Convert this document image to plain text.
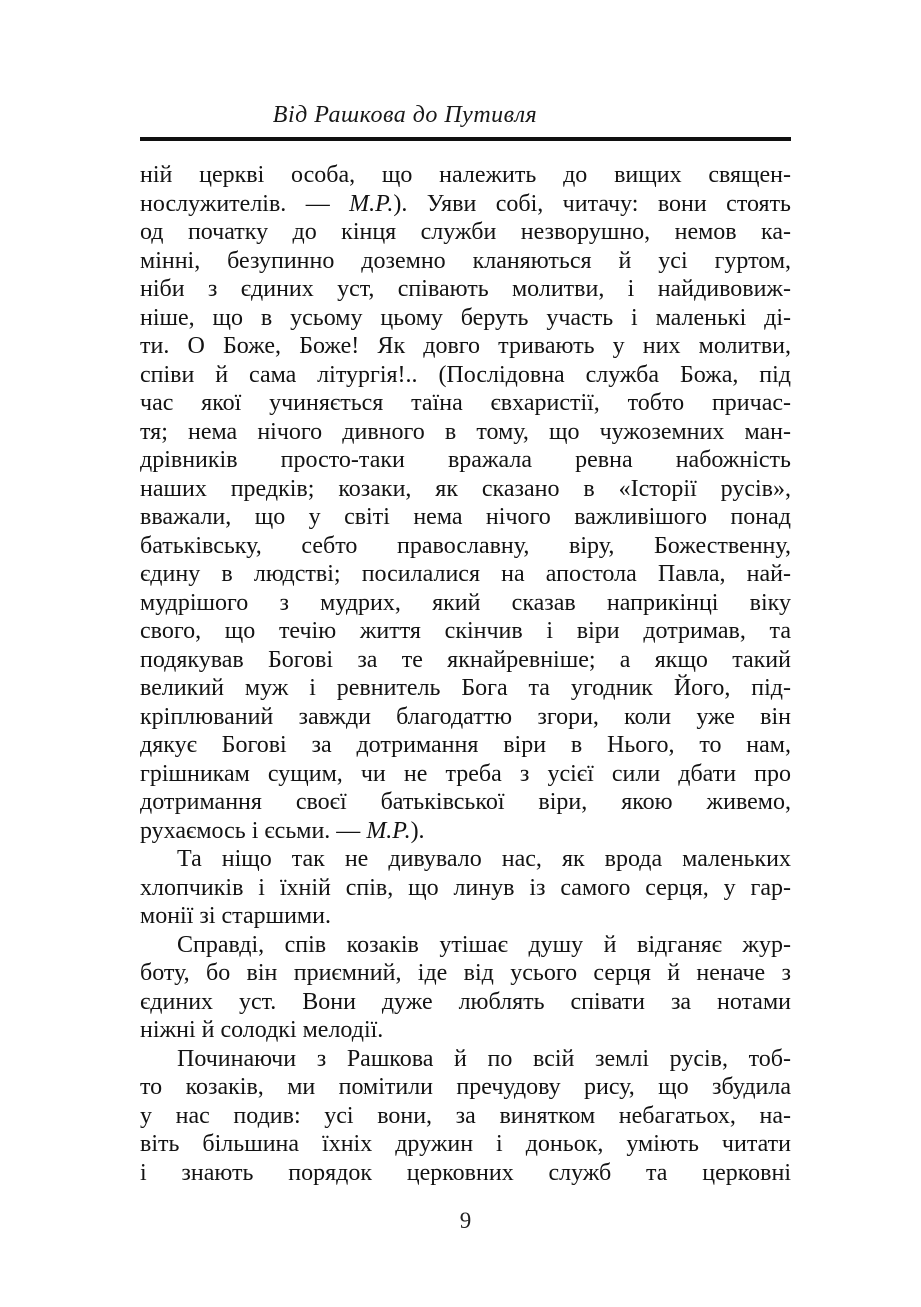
Від Рашкова до Путивля
ній церкві особа, що належить до вищих священ-
нослужителів. — М.Р.). Уяви собі, читачу: вони стоять
од початку до кінця служби незворушно, немов ка-
мінні, безупинно доземно кланяються й усі гуртом,
ніби з єдиних уст, співають молитви, і найдивовиж-
ніше, що в усьому цьому беруть участь і маленькі ді-
ти. О Боже, Боже! Як довго тривають у них молитви,
співи й сама літургія!.. (Послідовна служба Божа, під
час якої учиняється таїна євхаристії, тобто причас-
тя; нема нічого дивного в тому, що чужоземних ман-
дрівників просто-таки вражала ревна набожність
наших предків; козаки, як сказано в «Історії русів»,
вважали, що у світі нема нічого важливішого понад
батьківську, себто православну, віру, Божественну,
єдину в людстві; посилалися на апостола Павла, най-
мудрішого з мудрих, який сказав наприкінці віку
свого, що течію життя скінчив і віри дотримав, та
подякував Богові за те якнайревніше; а якщо такий
великий муж і ревнитель Бога та угодник Його, під-
кріплюваний завжди благодаттю згори, коли уже він
дякує Богові за дотримання віри в Нього, то нам,
грішникам сущим, чи не треба з усієї сили дбати про
дотримання своєї батьківської віри, якою живемо,
рухаємось і єсьми. — М.Р.).
Та ніщо так не дивувало нас, як врода маленьких
хлопчиків і їхній спів, що линув із самого серця, у гар-
монії зі старшими.
Справді, спів козаків утішає душу й відганяє жур-
боту, бо він приємний, іде від усього серця й неначе з
єдиних уст. Вони дуже люблять співати за нотами
ніжні й солодкі мелодії.
Починаючи з Рашкова й по всій землі русів, тоб-
то козаків, ми помітили пречудову рису, що збудила
у нас подив: усі вони, за винятком небагатьох, на-
віть більшина їхніх дружин і доньок, уміють читати
і знають порядок церковних служб та церковні
9
